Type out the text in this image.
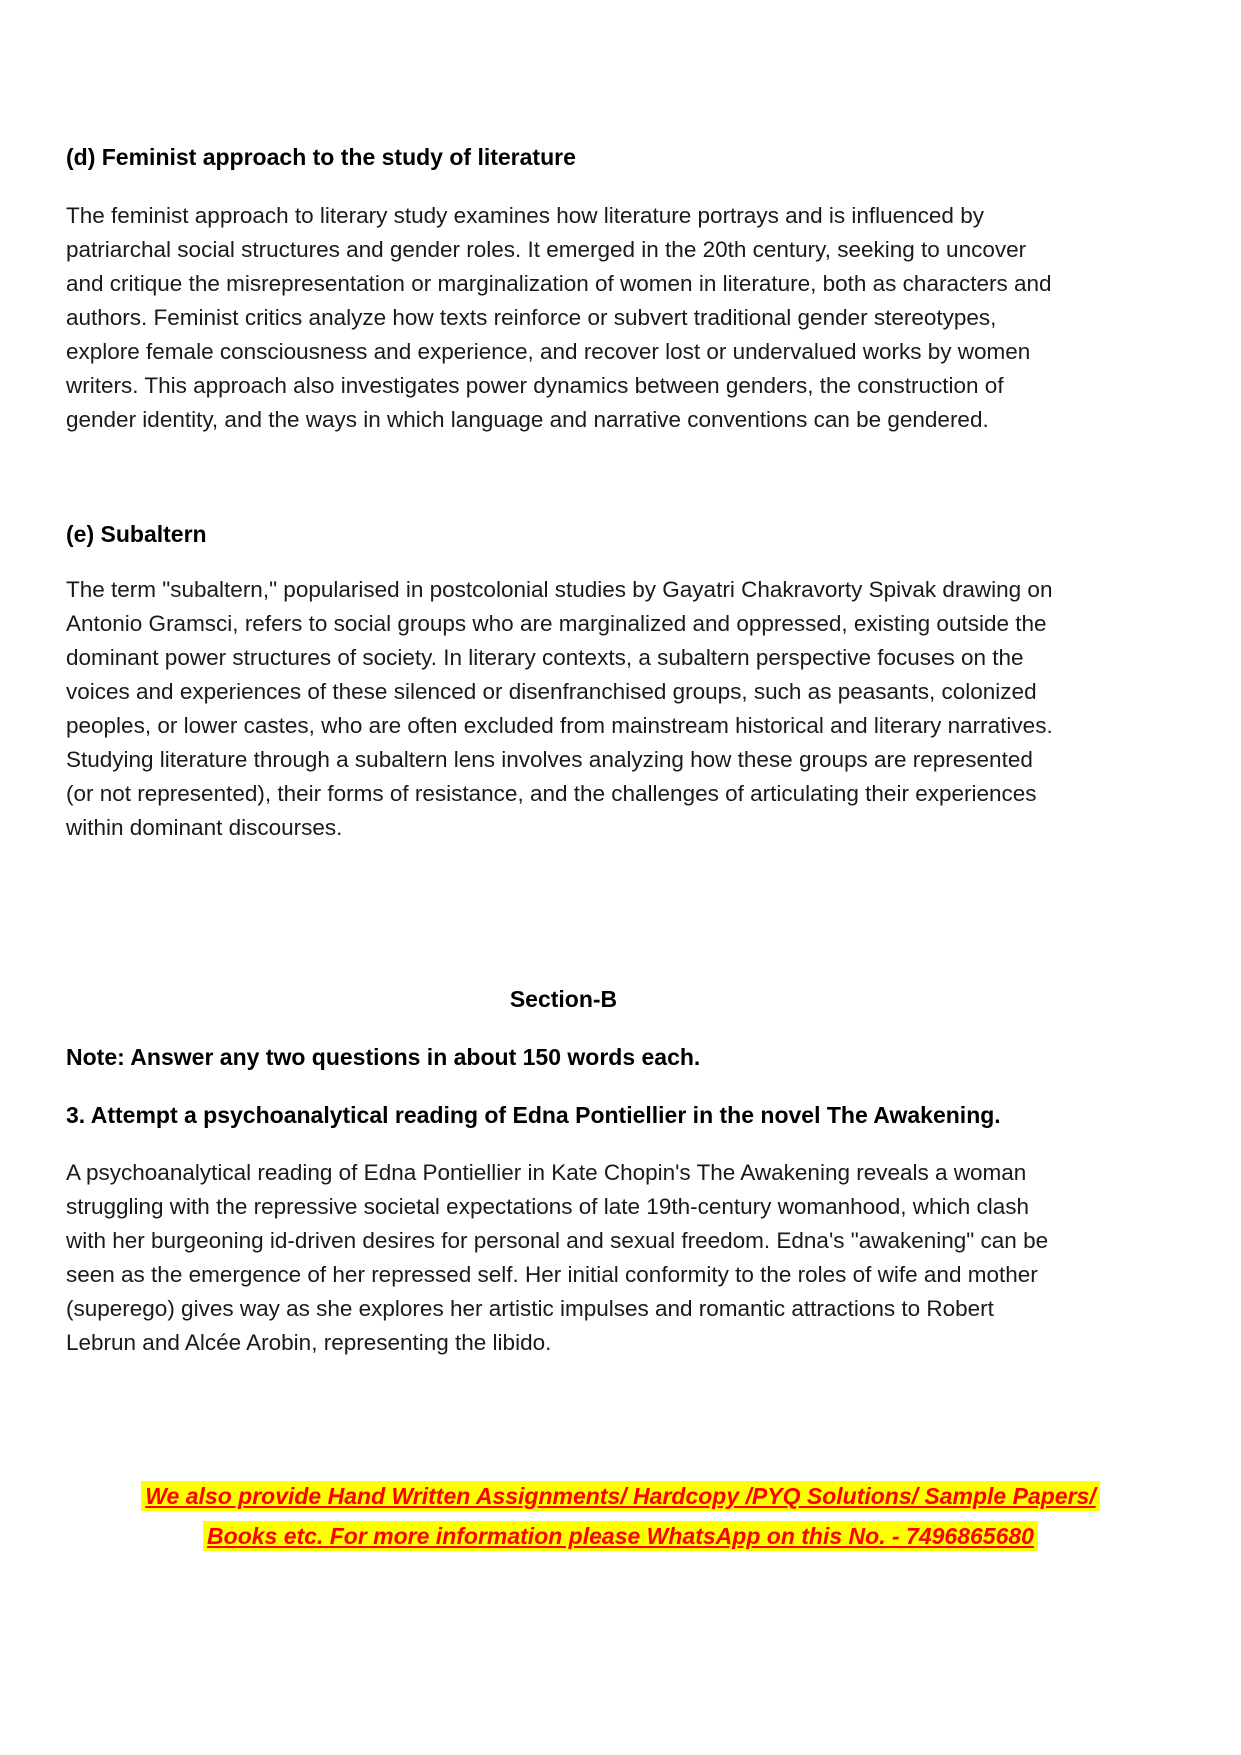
(d) Feminist approach to the study of literature

The feminist approach to literary study examines how literature portrays and is influenced by patriarchal social structures and gender roles. It emerged in the 20th century, seeking to uncover and critique the misrepresentation or marginalization of women in literature, both as characters and authors. Feminist critics analyze how texts reinforce or subvert traditional gender stereotypes, explore female consciousness and experience, and recover lost or undervalued works by women writers. This approach also investigates power dynamics between genders, the construction of gender identity, and the ways in which language and narrative conventions can be gendered.

(e) Subaltern

The term "subaltern," popularised in postcolonial studies by Gayatri Chakravorty Spivak drawing on Antonio Gramsci, refers to social groups who are marginalized and oppressed, existing outside the dominant power structures of society. In literary contexts, a subaltern perspective focuses on the voices and experiences of these silenced or disenfranchised groups, such as peasants, colonized peoples, or lower castes, who are often excluded from mainstream historical and literary narratives. Studying literature through a subaltern lens involves analyzing how these groups are represented (or not represented), their forms of resistance, and the challenges of articulating their experiences within dominant discourses.

Section-B

Note: Answer any two questions in about 150 words each.

3. Attempt a psychoanalytical reading of Edna Pontiellier in the novel The Awakening.

A psychoanalytical reading of Edna Pontiellier in Kate Chopin's The Awakening reveals a woman struggling with the repressive societal expectations of late 19th-century womanhood, which clash with her burgeoning id-driven desires for personal and sexual freedom. Edna's "awakening" can be seen as the emergence of her repressed self. Her initial conformity to the roles of wife and mother (superego) gives way as she explores her artistic impulses and romantic attractions to Robert Lebrun and Alcée Arobin, representing the libido.

We also provide Hand Written Assignments/ Hardcopy /PYQ Solutions/ Sample Papers/

Books etc. For more information please WhatsApp on this No. - 7496865680
